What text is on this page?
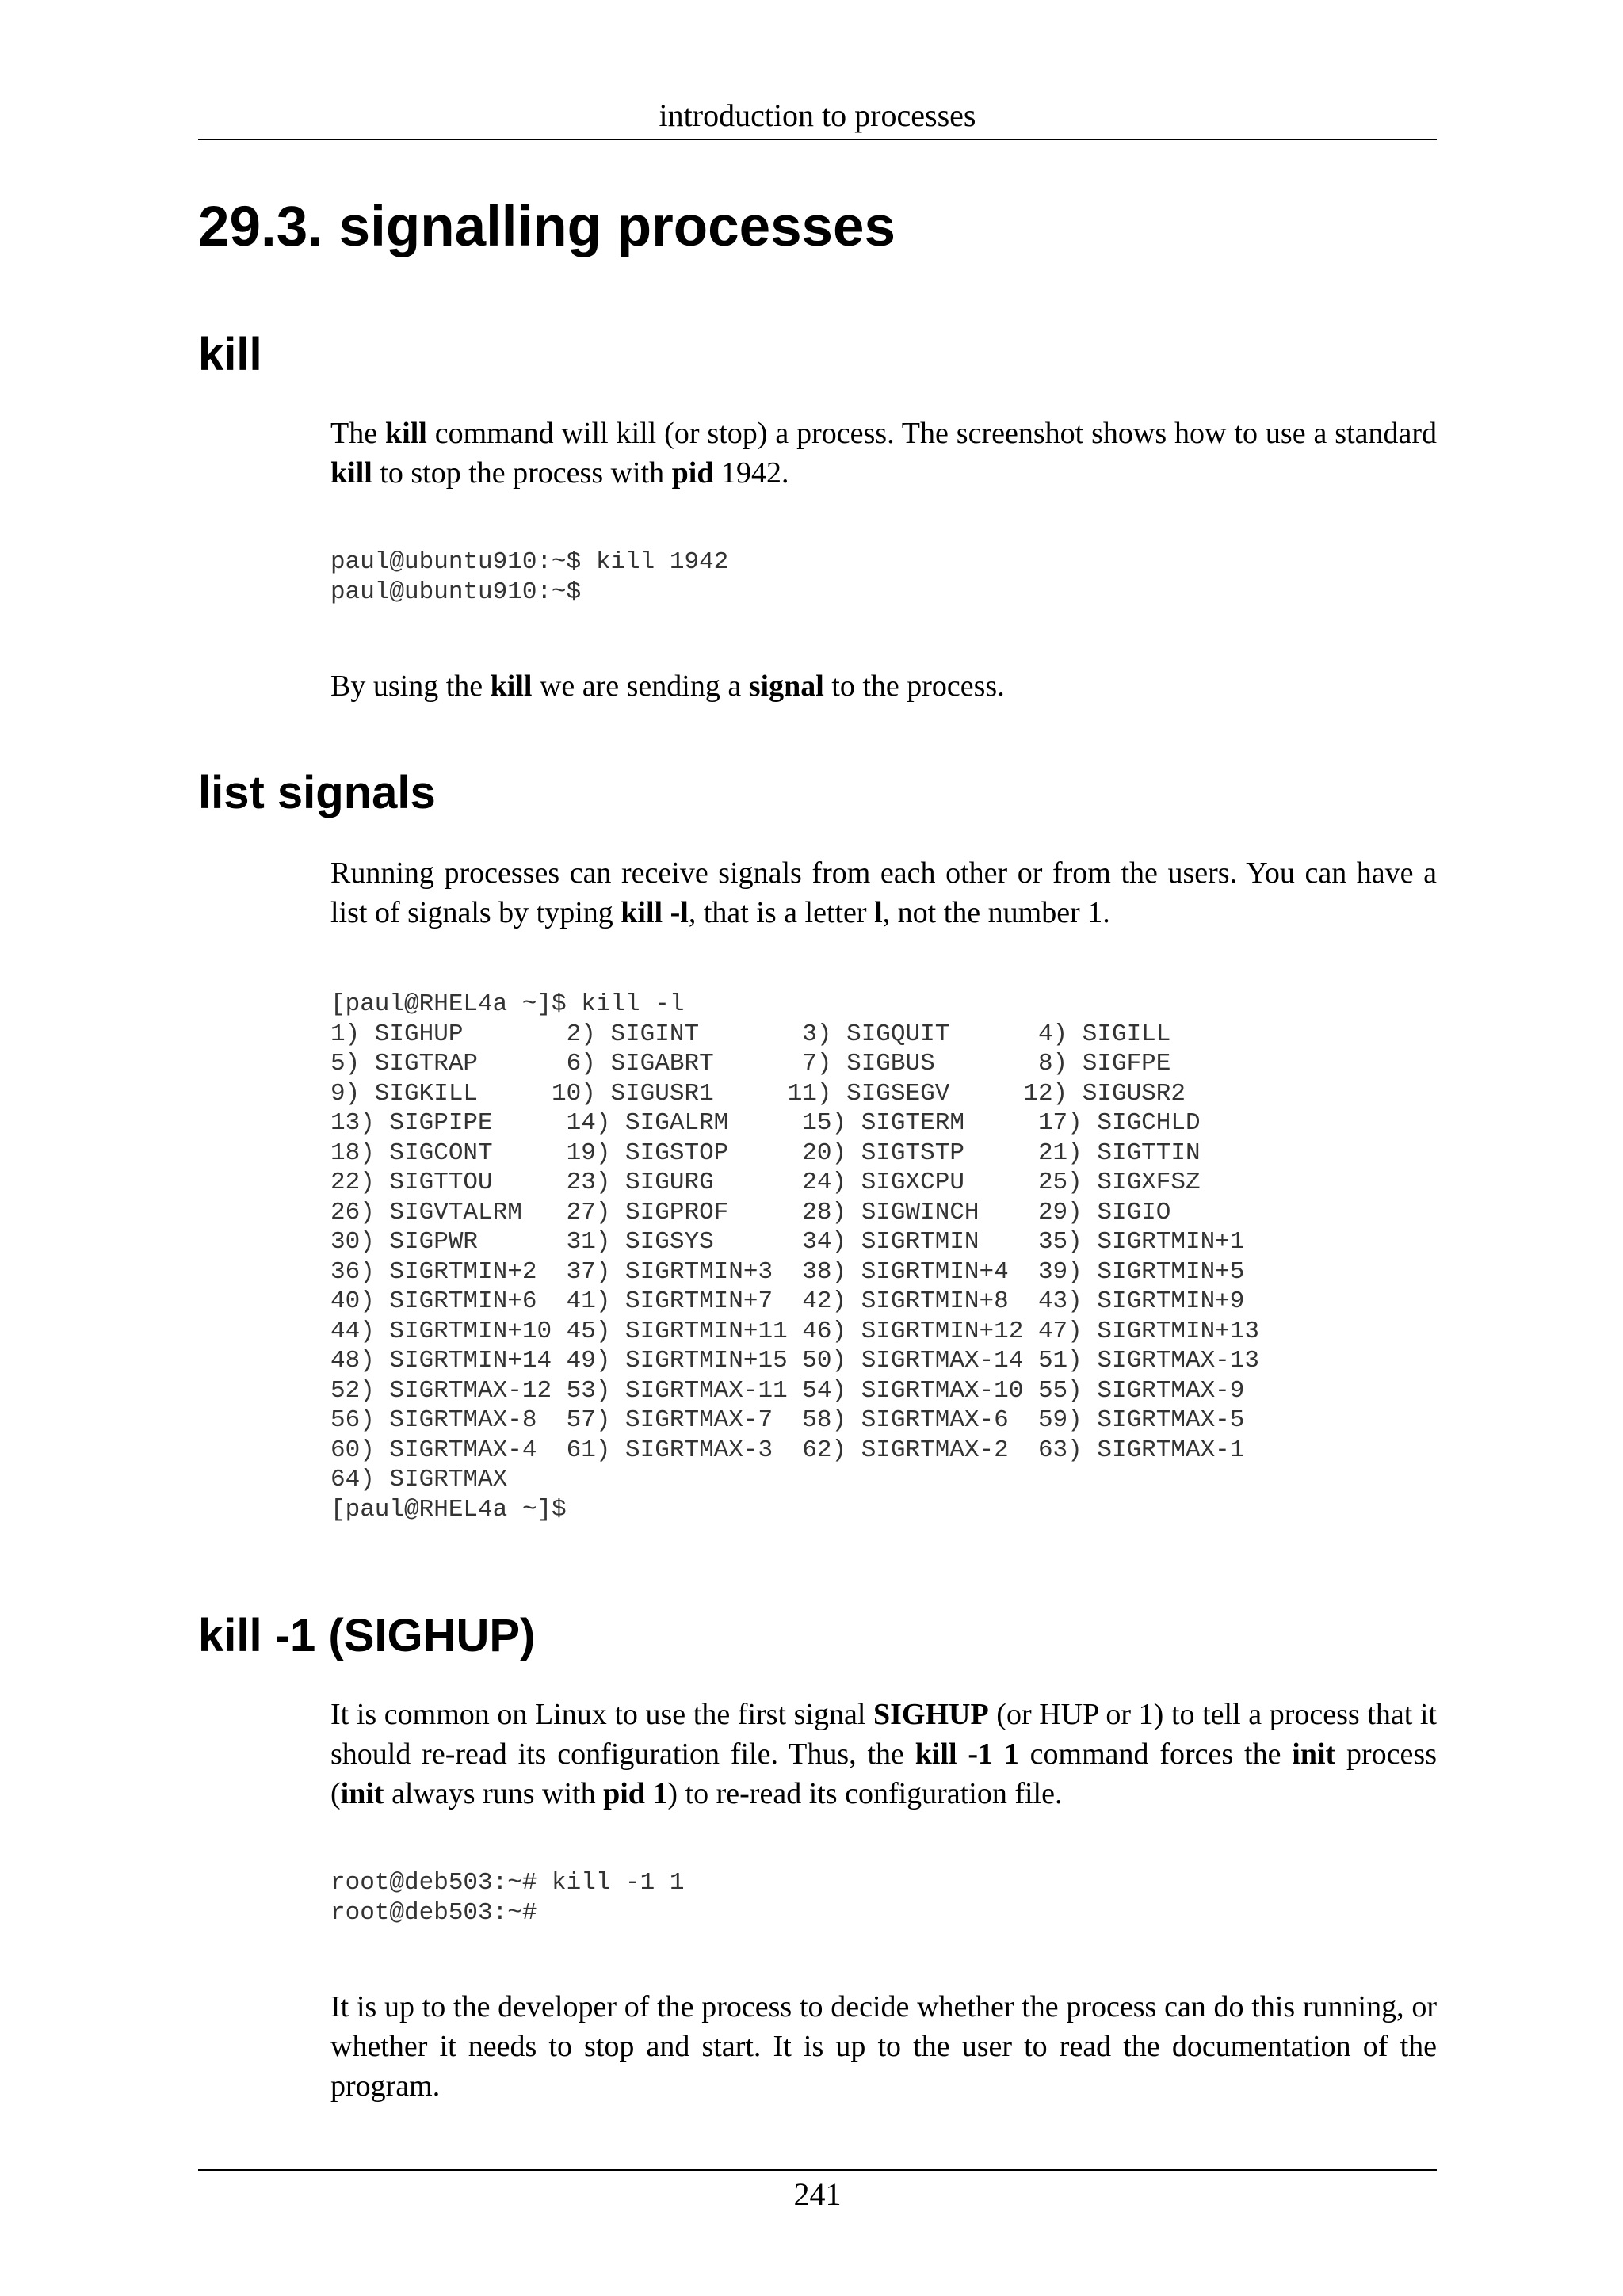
introduction to processes
29.3. signalling processes
kill

The kill command will kill (or stop) a process. The screenshot shows how to use a standard kill to stop the process with pid 1942.

paul@ubuntu910:~$ kill 1942
paul@ubuntu910:~$

By using the kill we are sending a signal to the process.

list signals

Running processes can receive signals from each other or from the users. You can have a list of signals by typing kill -l, that is a letter l, not the number 1.

[paul@RHEL4a ~]$ kill -l
1) SIGHUP       2) SIGINT       3) SIGQUIT      4) SIGILL
5) SIGTRAP      6) SIGABRT      7) SIGBUS       8) SIGFPE
9) SIGKILL     10) SIGUSR1     11) SIGSEGV     12) SIGUSR2
13) SIGPIPE     14) SIGALRM     15) SIGTERM     17) SIGCHLD
18) SIGCONT     19) SIGSTOP     20) SIGTSTP     21) SIGTTIN
22) SIGTTOU     23) SIGURG      24) SIGXCPU     25) SIGXFSZ
26) SIGVTALRM   27) SIGPROF     28) SIGWINCH    29) SIGIO
30) SIGPWR      31) SIGSYS      34) SIGRTMIN    35) SIGRTMIN+1
36) SIGRTMIN+2  37) SIGRTMIN+3  38) SIGRTMIN+4  39) SIGRTMIN+5
40) SIGRTMIN+6  41) SIGRTMIN+7  42) SIGRTMIN+8  43) SIGRTMIN+9
44) SIGRTMIN+10 45) SIGRTMIN+11 46) SIGRTMIN+12 47) SIGRTMIN+13
48) SIGRTMIN+14 49) SIGRTMIN+15 50) SIGRTMAX-14 51) SIGRTMAX-13
52) SIGRTMAX-12 53) SIGRTMAX-11 54) SIGRTMAX-10 55) SIGRTMAX-9
56) SIGRTMAX-8  57) SIGRTMAX-7  58) SIGRTMAX-6  59) SIGRTMAX-5
60) SIGRTMAX-4  61) SIGRTMAX-3  62) SIGRTMAX-2  63) SIGRTMAX-1
64) SIGRTMAX
[paul@RHEL4a ~]$
kill -1 (SIGHUP)

It is common on Linux to use the first signal SIGHUP (or HUP or 1) to tell a process that it should re-read its configuration file. Thus, the kill -1 1 command forces the init process (init always runs with pid 1) to re-read its configuration file.

root@deb503:~# kill -1 1
root@deb503:~#

It is up to the developer of the process to decide whether the process can do this running, or whether it needs to stop and start. It is up to the user to read the documentation of the program.

241
